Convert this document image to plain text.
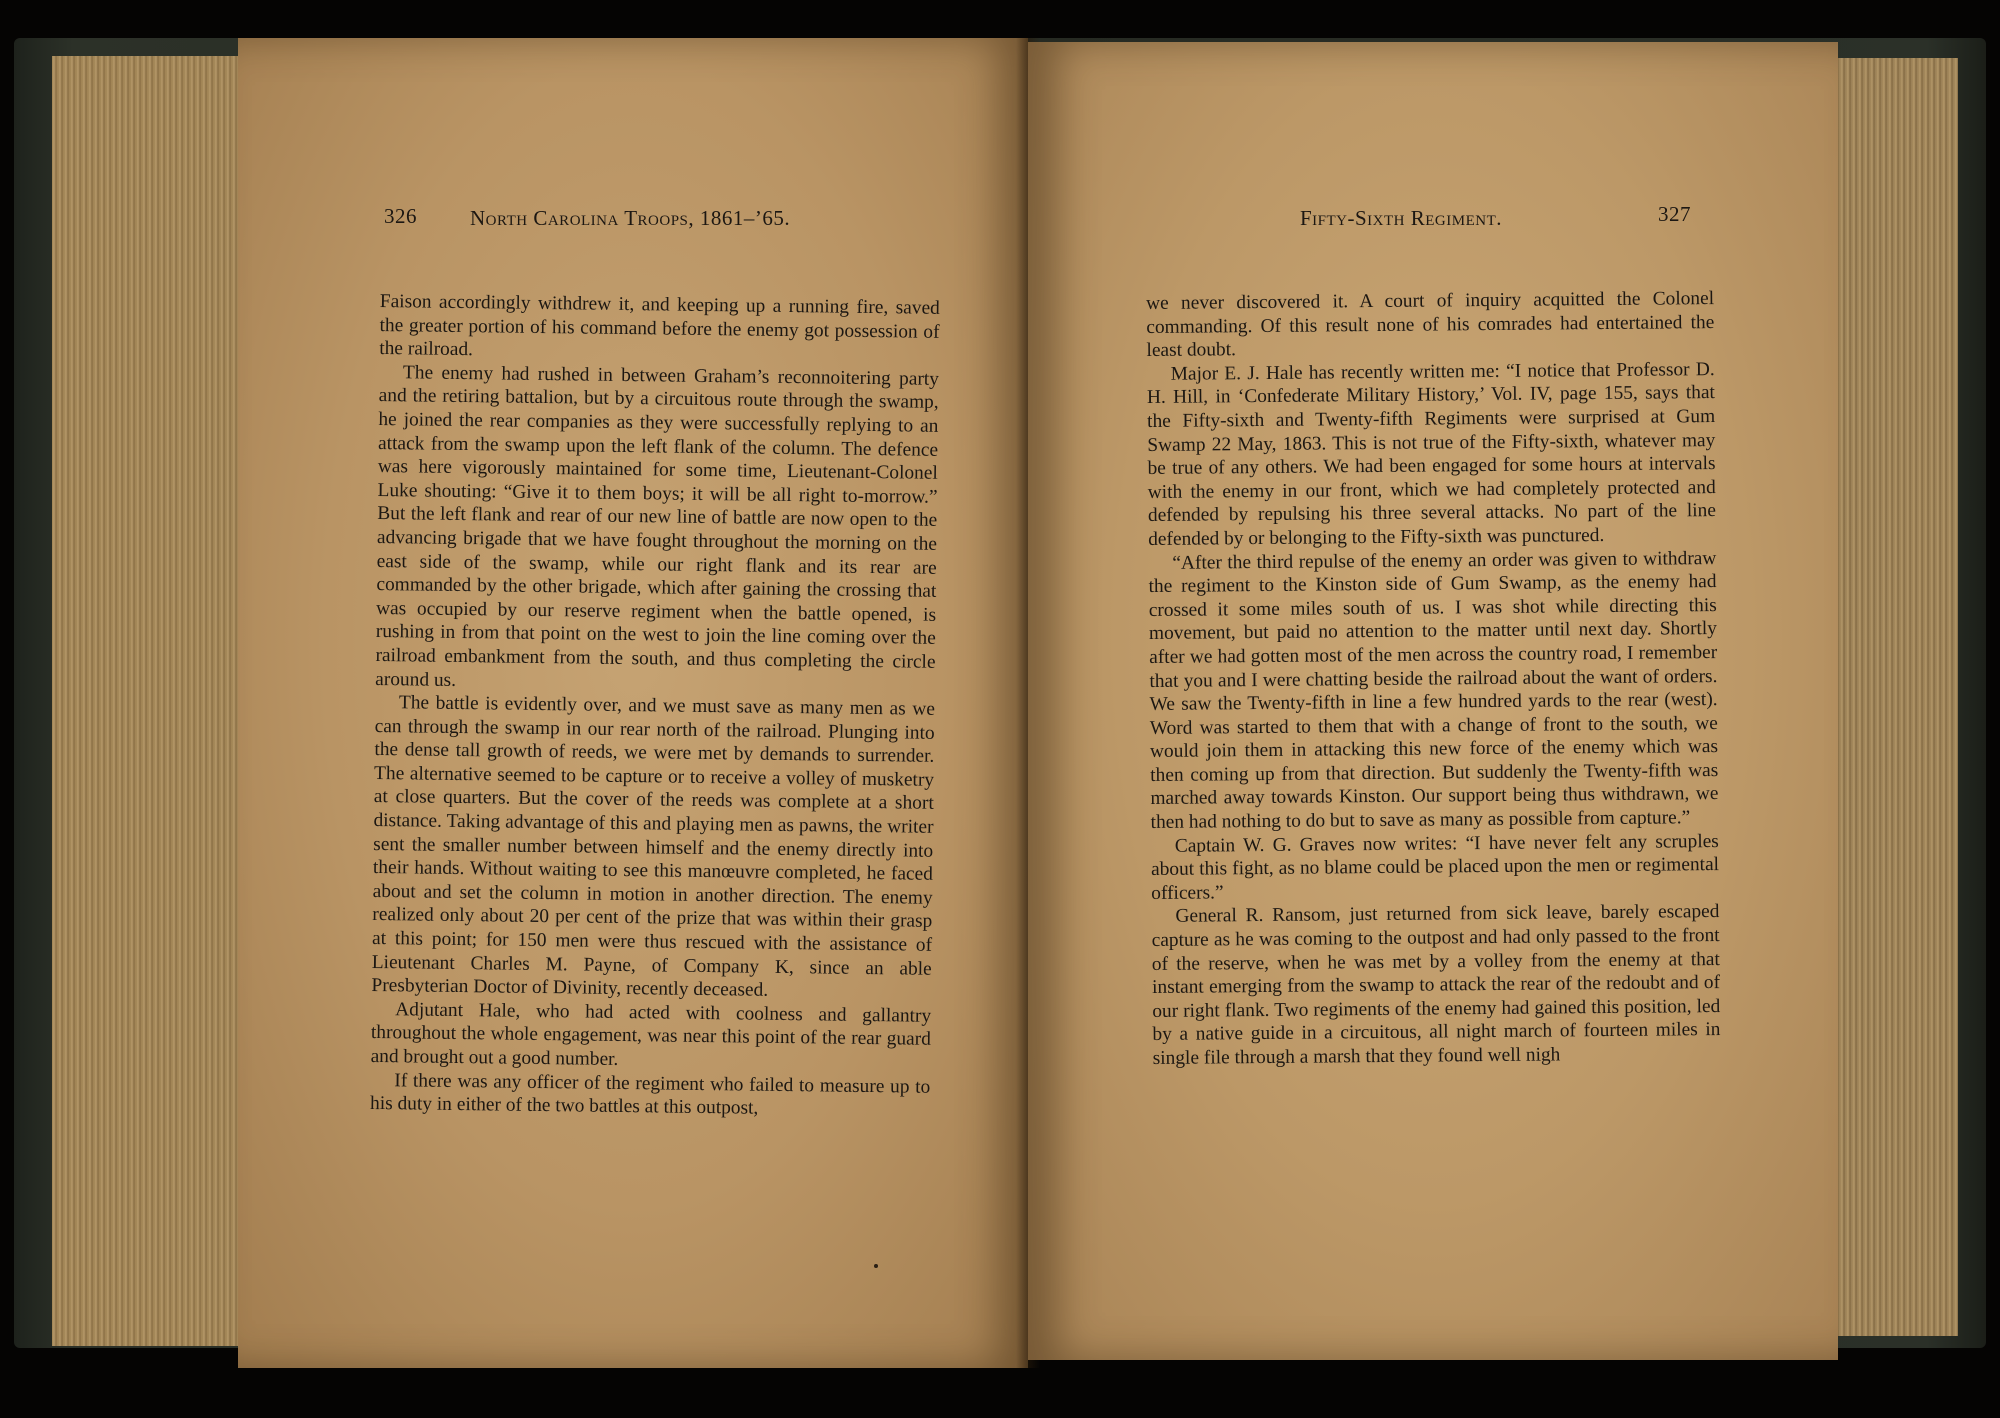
326	North Carolina Troops, 1861–’65.

Faison accordingly withdrew it, and keeping up a running fire, saved the greater portion of his command before the enemy got possession of the railroad.

The enemy had rushed in between Graham’s reconnoitering party and the retiring battalion, but by a circuitous route through the swamp, he joined the rear companies as they were successfully replying to an attack from the swamp upon the left flank of the column. The defence was here vigorously maintained for some time, Lieutenant-Colonel Luke shouting: “Give it to them boys; it will be all right to-morrow.” But the left flank and rear of our new line of battle are now open to the advancing brigade that we have fought throughout the morning on the east side of the swamp, while our right flank and its rear are commanded by the other brigade, which after gaining the crossing that was occupied by our reserve regiment when the battle opened, is rushing in from that point on the west to join the line coming over the railroad embankment from the south, and thus completing the circle around us.

The battle is evidently over, and we must save as many men as we can through the swamp in our rear north of the railroad. Plunging into the dense tall growth of reeds, we were met by demands to surrender. The alternative seemed to be capture or to receive a volley of musketry at close quarters. But the cover of the reeds was complete at a short distance. Taking advantage of this and playing men as pawns, the writer sent the smaller number between himself and the enemy directly into their hands. Without waiting to see this manœuvre completed, he faced about and set the column in motion in another direction. The enemy realized only about 20 per cent of the prize that was within their grasp at this point; for 150 men were thus rescued with the assistance of Lieutenant Charles M. Payne, of Company K, since an able Presbyterian Doctor of Divinity, recently deceased.

Adjutant Hale, who had acted with coolness and gallantry throughout the whole engagement, was near this point of the rear guard and brought out a good number.

If there was any officer of the regiment who failed to measure up to his duty in either of the two battles at this outpost,

Fifty-Sixth Regiment.	327

we never discovered it. A court of inquiry acquitted the Colonel commanding. Of this result none of his comrades had entertained the least doubt.

Major E. J. Hale has recently written me: “I notice that Professor D. H. Hill, in ‘Confederate Military History,’ Vol. IV, page 155, says that the Fifty-sixth and Twenty-fifth Regiments were surprised at Gum Swamp 22 May, 1863. This is not true of the Fifty-sixth, whatever may be true of any others. We had been engaged for some hours at intervals with the enemy in our front, which we had completely protected and defended by repulsing his three several attacks. No part of the line defended by or belonging to the Fifty-sixth was punctured.

“After the third repulse of the enemy an order was given to withdraw the regiment to the Kinston side of Gum Swamp, as the enemy had crossed it some miles south of us. I was shot while directing this movement, but paid no attention to the matter until next day. Shortly after we had gotten most of the men across the country road, I remember that you and I were chatting beside the railroad about the want of orders. We saw the Twenty-fifth in line a few hundred yards to the rear (west). Word was started to them that with a change of front to the south, we would join them in attacking this new force of the enemy which was then coming up from that direction. But suddenly the Twenty-fifth was marched away towards Kinston. Our support being thus withdrawn, we then had nothing to do but to save as many as possible from capture.”

Captain W. G. Graves now writes: “I have never felt any scruples about this fight, as no blame could be placed upon the men or regimental officers.”

General R. Ransom, just returned from sick leave, barely escaped capture as he was coming to the outpost and had only passed to the front of the reserve, when he was met by a volley from the enemy at that instant emerging from the swamp to attack the rear of the redoubt and of our right flank. Two regiments of the enemy had gained this position, led by a native guide in a circuitous, all night march of fourteen miles in single file through a marsh that they found well nigh
